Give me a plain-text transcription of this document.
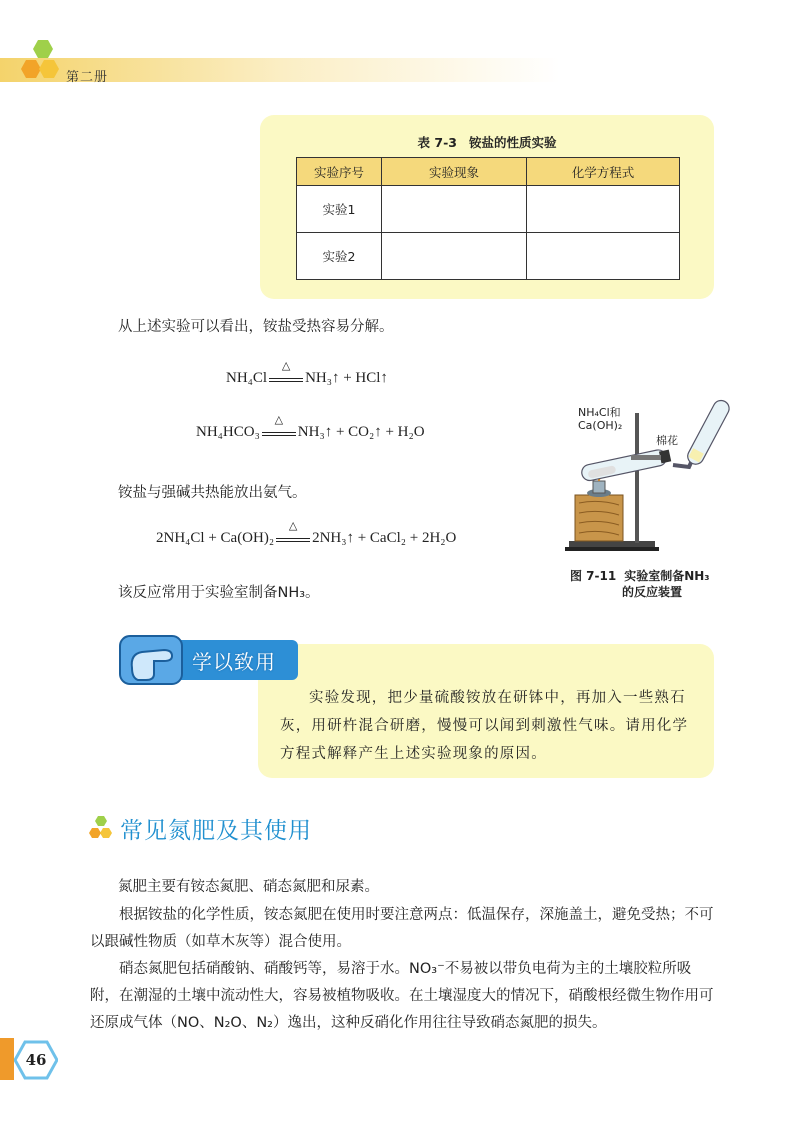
第二册
表 7-3 铵盐的性质实验
实验序号	实验现象	化学方程式
实验1		
实验2		
从上述实验可以看出，铵盐受热容易分解。
NH₄Cl
△
NH₃↑ + HCl↑
NH₄HCO₃
△
NH₃↑ + CO₂↑ + H₂O
铵盐与强碱共热能放出氨气。
2NH₄Cl + Ca(OH)₂
△
2NH₃↑ + CaCl₂ + 2H₂O
该反应常用于实验室制备NH₃。
NH₄Cl和
Ca(OH)₂
棉花
图 7-11 实验室制备NH₃
的反应装置
学以致用
实验发现，把少量硫酸铵放在研钵中，再加入一些熟石灰，用研杵混合研磨，慢慢可以闻到刺激性气味。请用化学方程式解释产生上述实验现象的原因。
常见氮肥及其使用
氮肥主要有铵态氮肥、硝态氮肥和尿素。
根据铵盐的化学性质，铵态氮肥在使用时要注意两点：低温保存，深施盖土，避免受热；不可以跟碱性物质（如草木灰等）混合使用。
硝态氮肥包括硝酸钠、硝酸钙等，易溶于水。NO₃⁻不易被以带负电荷为主的土壤胶粒所吸附，在潮湿的土壤中流动性大，容易被植物吸收。在土壤湿度大的情况下，硝酸根经微生物作用可还原成气体（NO、N₂O、N₂）逸出，这种反硝化作用往往导致硝态氮肥的损失。
46
